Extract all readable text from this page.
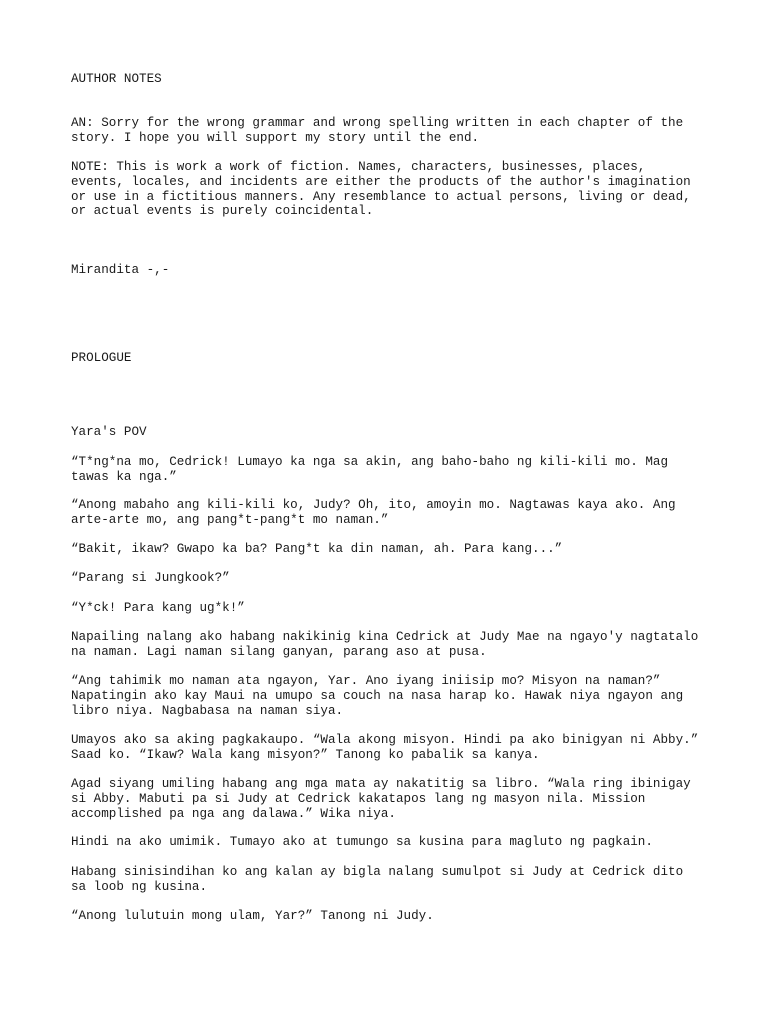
AUTHOR NOTES

AN: Sorry for the wrong grammar and wrong spelling written in each chapter of the
story. I hope you will support my story until the end.

NOTE: This is work a work of fiction. Names, characters, businesses, places,
events, locales, and incidents are either the products of the author's imagination
or use in a fictitious manners. Any resemblance to actual persons, living or dead,
or actual events is purely coincidental.

Mirandita -,-

PROLOGUE

Yara's POV

“T*ng*na mo, Cedrick! Lumayo ka nga sa akin, ang baho-baho ng kili-kili mo. Mag
tawas ka nga.”

“Anong mabaho ang kili-kili ko, Judy? Oh, ito, amoyin mo. Nagtawas kaya ako. Ang
arte-arte mo, ang pang*t-pang*t mo naman.”

“Bakit, ikaw? Gwapo ka ba? Pang*t ka din naman, ah. Para kang...”

“Parang si Jungkook?”

“Y*ck! Para kang ug*k!”

Napailing nalang ako habang nakikinig kina Cedrick at Judy Mae na ngayo'y nagtatalo
na naman. Lagi naman silang ganyan, parang aso at pusa.

“Ang tahimik mo naman ata ngayon, Yar. Ano iyang iniisip mo? Misyon na naman?”
Napatingin ako kay Maui na umupo sa couch na nasa harap ko. Hawak niya ngayon ang
libro niya. Nagbabasa na naman siya.

Umayos ako sa aking pagkakaupo. “Wala akong misyon. Hindi pa ako binigyan ni Abby.”
Saad ko. “Ikaw? Wala kang misyon?” Tanong ko pabalik sa kanya.

Agad siyang umiling habang ang mga mata ay nakatitig sa libro. “Wala ring ibinigay
si Abby. Mabuti pa si Judy at Cedrick kakatapos lang ng masyon nila. Mission
accomplished pa nga ang dalawa.” Wika niya.

Hindi na ako umimik. Tumayo ako at tumungo sa kusina para magluto ng pagkain.

Habang sinisindihan ko ang kalan ay bigla nalang sumulpot si Judy at Cedrick dito
sa loob ng kusina.

“Anong lulutuin mong ulam, Yar?” Tanong ni Judy.
